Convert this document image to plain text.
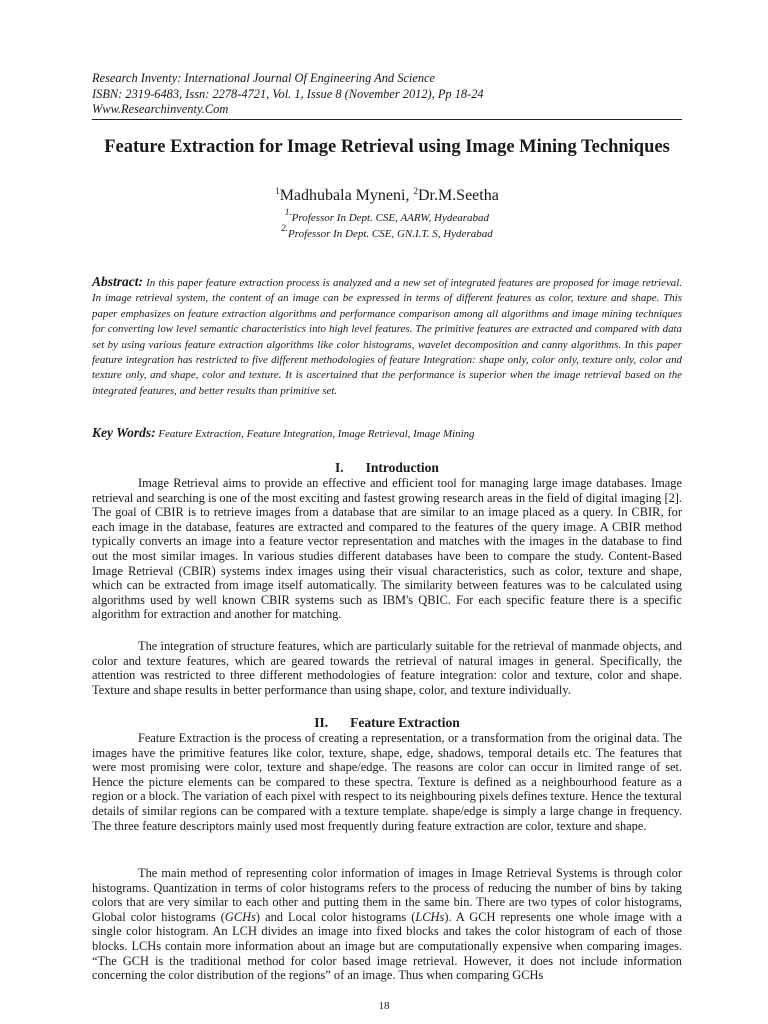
Research Inventy: International Journal Of Engineering And Science
ISBN: 2319-6483, Issn: 2278-4721, Vol. 1, Issue 8 (November 2012), Pp 18-24
Www.Researchinventy.Com
Feature Extraction for Image Retrieval using Image Mining Techniques
$^1$Madhubala Myneni, $^2$Dr.M.Seetha
$^{1.}$Professor In Dept. CSE, AARW, Hydearabad
$^{2.}$Professor In Dept. CSE, GN.I.T. S, Hyderabad
Abstract: In this paper feature extraction process is analyzed and a new set of integrated features are proposed for image retrieval. In image retrieval system, the content of an image can be expressed in terms of different features as color, texture and shape. This paper emphasizes on feature extraction algorithms and performance comparison among all algorithms and image mining techniques for converting low level semantic characteristics into high level features. The primitive features are extracted and compared with data set by using various feature extraction algorithms like color histograms, wavelet decomposition and canny algorithms. In this paper feature integration has restricted to five different methodologies of feature Integration: shape only, color only, texture only, color and texture only, and shape, color and texture. It is ascertained that the performance is superior when the image retrieval based on the integrated features, and better results than primitive set.
Key Words: Feature Extraction, Feature Integration, Image Retrieval, Image Mining
I. Introduction
Image Retrieval aims to provide an effective and efficient tool for managing large image databases. Image retrieval and searching is one of the most exciting and fastest growing research areas in the field of digital imaging [2]. The goal of CBIR is to retrieve images from a database that are similar to an image placed as a query. In CBIR, for each image in the database, features are extracted and compared to the features of the query image. A CBIR method typically converts an image into a feature vector representation and matches with the images in the database to find out the most similar images. In various studies different databases have been to compare the study. Content-Based Image Retrieval (CBIR) systems index images using their visual characteristics, such as color, texture and shape, which can be extracted from image itself automatically. The similarity between features was to be calculated using algorithms used by well known CBIR systems such as IBM's QBIC. For each specific feature there is a specific algorithm for extraction and another for matching.
The integration of structure features, which are particularly suitable for the retrieval of manmade objects, and color and texture features, which are geared towards the retrieval of natural images in general. Specifically, the attention was restricted to three different methodologies of feature integration: color and texture, color and shape. Texture and shape results in better performance than using shape, color, and texture individually.
II. Feature Extraction
Feature Extraction is the process of creating a representation, or a transformation from the original data. The images have the primitive features like color, texture, shape, edge, shadows, temporal details etc. The features that were most promising were color, texture and shape/edge. The reasons are color can occur in limited range of set. Hence the picture elements can be compared to these spectra. Texture is defined as a neighbourhood feature as a region or a block. The variation of each pixel with respect to its neighbouring pixels defines texture. Hence the textural details of similar regions can be compared with a texture template. shape/edge is simply a large change in frequency. The three feature descriptors mainly used most frequently during feature extraction are color, texture and shape.
The main method of representing color information of images in Image Retrieval Systems is through color histograms. Quantization in terms of color histograms refers to the process of reducing the number of bins by taking colors that are very similar to each other and putting them in the same bin. There are two types of color histograms, Global color histograms (GCHs) and Local color histograms (LCHs). A GCH represents one whole image with a single color histogram. An LCH divides an image into fixed blocks and takes the color histogram of each of those blocks. LCHs contain more information about an image but are computationally expensive when comparing images. “The GCH is the traditional method for color based image retrieval. However, it does not include information concerning the color distribution of the regions” of an image. Thus when comparing GCHs
18
